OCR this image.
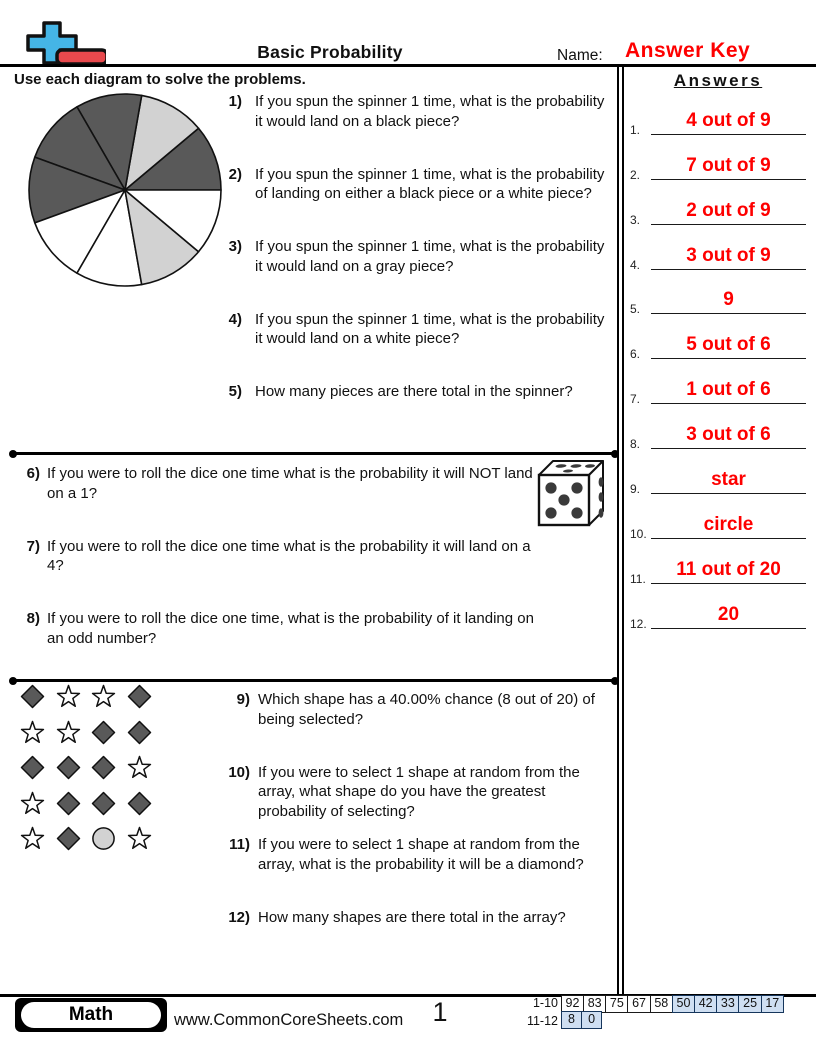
Basic Probability	Name: Answer Key
Use each diagram to solve the problems.	Answers
1.	4 out of 9
2.	7 out of 9
3.	2 out of 9
4.	3 out of 9
5.	9
6.	5 out of 6
7.	1 out of 6
8.	3 out of 6
9.	star
10.	circle
11.	11 out of 20
12.	20
1) If you spun the spinner 1 time, what is the probability it would land on a black piece?
2) If you spun the spinner 1 time, what is the probability of landing on either a black piece or a white piece?
3) If you spun the spinner 1 time, what is the probability it would land on a gray piece?
4) If you spun the spinner 1 time, what is the probability it would land on a white piece?
5) How many pieces are there total in the spinner?
6) If you were to roll the dice one time what is the probability it will NOT land on a 1?
7) If you were to roll the dice one time what is the probability it will land on a 4?
8) If you were to roll the dice one time, what is the probability of it landing on an odd number?
9) Which shape has a 40.00% chance (8 out of 20) of being selected?
10) If you were to select 1 shape at random from the array, what shape do you have the greatest probability of selecting?
11) If you were to select 1 shape at random from the array, what is the probability it will be a diamond?
12) How many shapes are there total in the array?
Math	www.CommonCoreSheets.com	1	1-10 92 83 75 67 58 50 42 33 25 17
11-12 8	0
